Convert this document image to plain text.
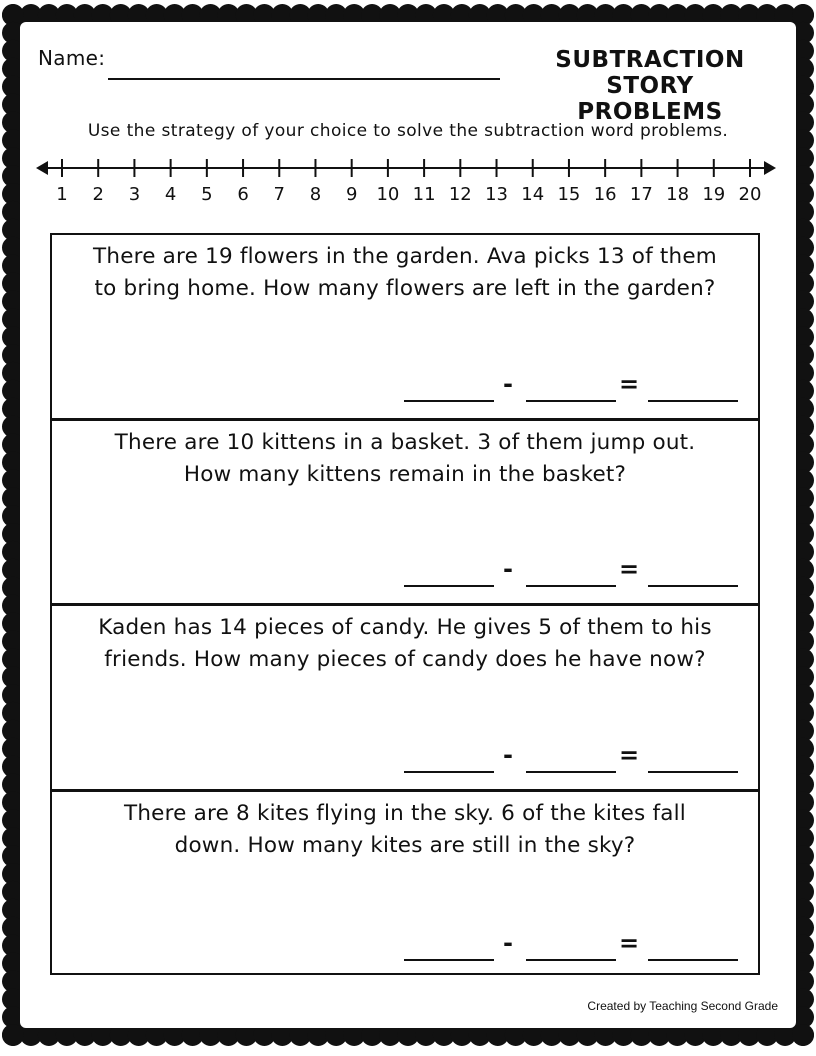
Name:	SUBTRACTION STORY
PROBLEMS
Use the strategy of your choice to solve the subtraction word problems.
1 2 3 4 5 6 7 8 9 10 11 12 13 14 15 16 17 18 19 20
There are 19 flowers in the garden. Ava picks 13 of them
to bring home. How many flowers are left in the garden?
-	=
There are 10 kittens in a basket. 3 of them jump out.
How many kittens remain in the basket?
-	=
Kaden has 14 pieces of candy. He gives 5 of them to his
friends. How many pieces of candy does he have now?
-	=
There are 8 kites flying in the sky. 6 of the kites fall
down. How many kites are still in the sky?
-	=
Created by Teaching Second Grade
